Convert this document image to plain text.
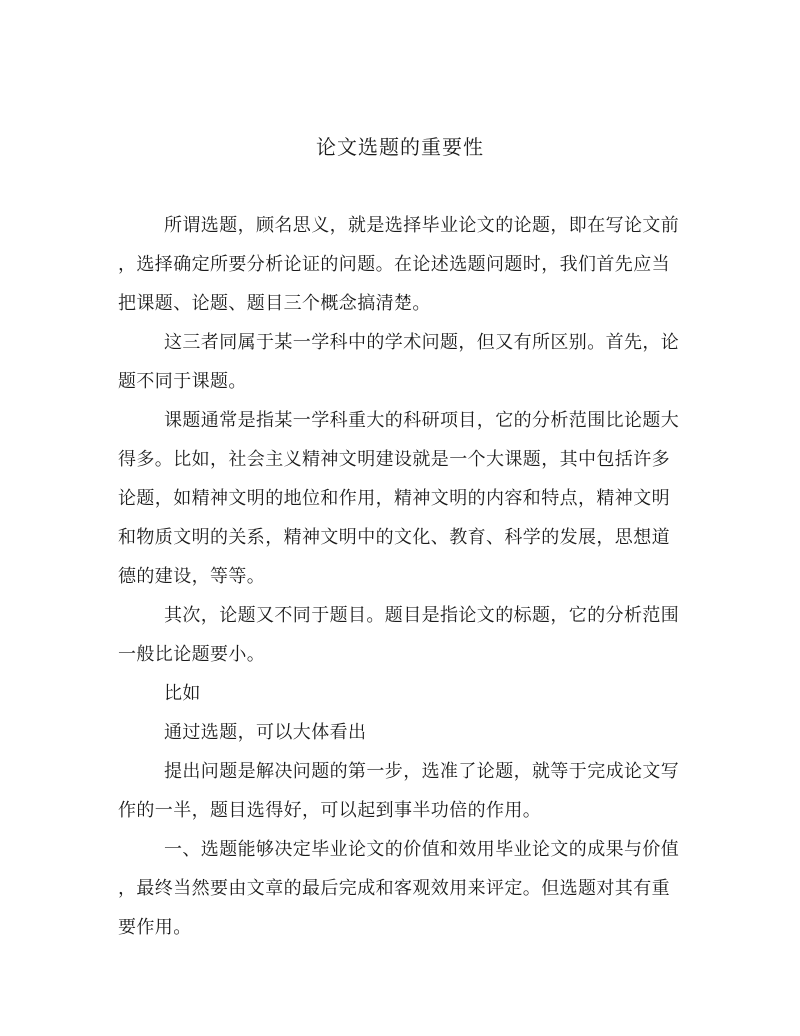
论文选题的重要性
所谓选题，顾名思义，就是选择毕业论文的论题，即在写论文前
，选择确定所要分析论证的问题。在论述选题问题时，我们首先应当
把课题、论题、题目三个概念搞清楚。
这三者同属于某一学科中的学术问题，但又有所区别。首先，论
题不同于课题。
课题通常是指某一学科重大的科研项目，它的分析范围比论题大
得多。比如，社会主义精神文明建设就是一个大课题，其中包括许多
论题，如精神文明的地位和作用，精神文明的内容和特点，精神文明
和物质文明的关系，精神文明中的文化、教育、科学的发展，思想道
德的建设，等等。
其次，论题又不同于题目。题目是指论文的标题，它的分析范围
一般比论题要小。
比如
通过选题，可以大体看出
提出问题是解决问题的第一步，选准了论题，就等于完成论文写
作的一半，题目选得好，可以起到事半功倍的作用。
一、选题能够决定毕业论文的价值和效用毕业论文的成果与价值
，最终当然要由文章的最后完成和客观效用来评定。但选题对其有重
要作用。
